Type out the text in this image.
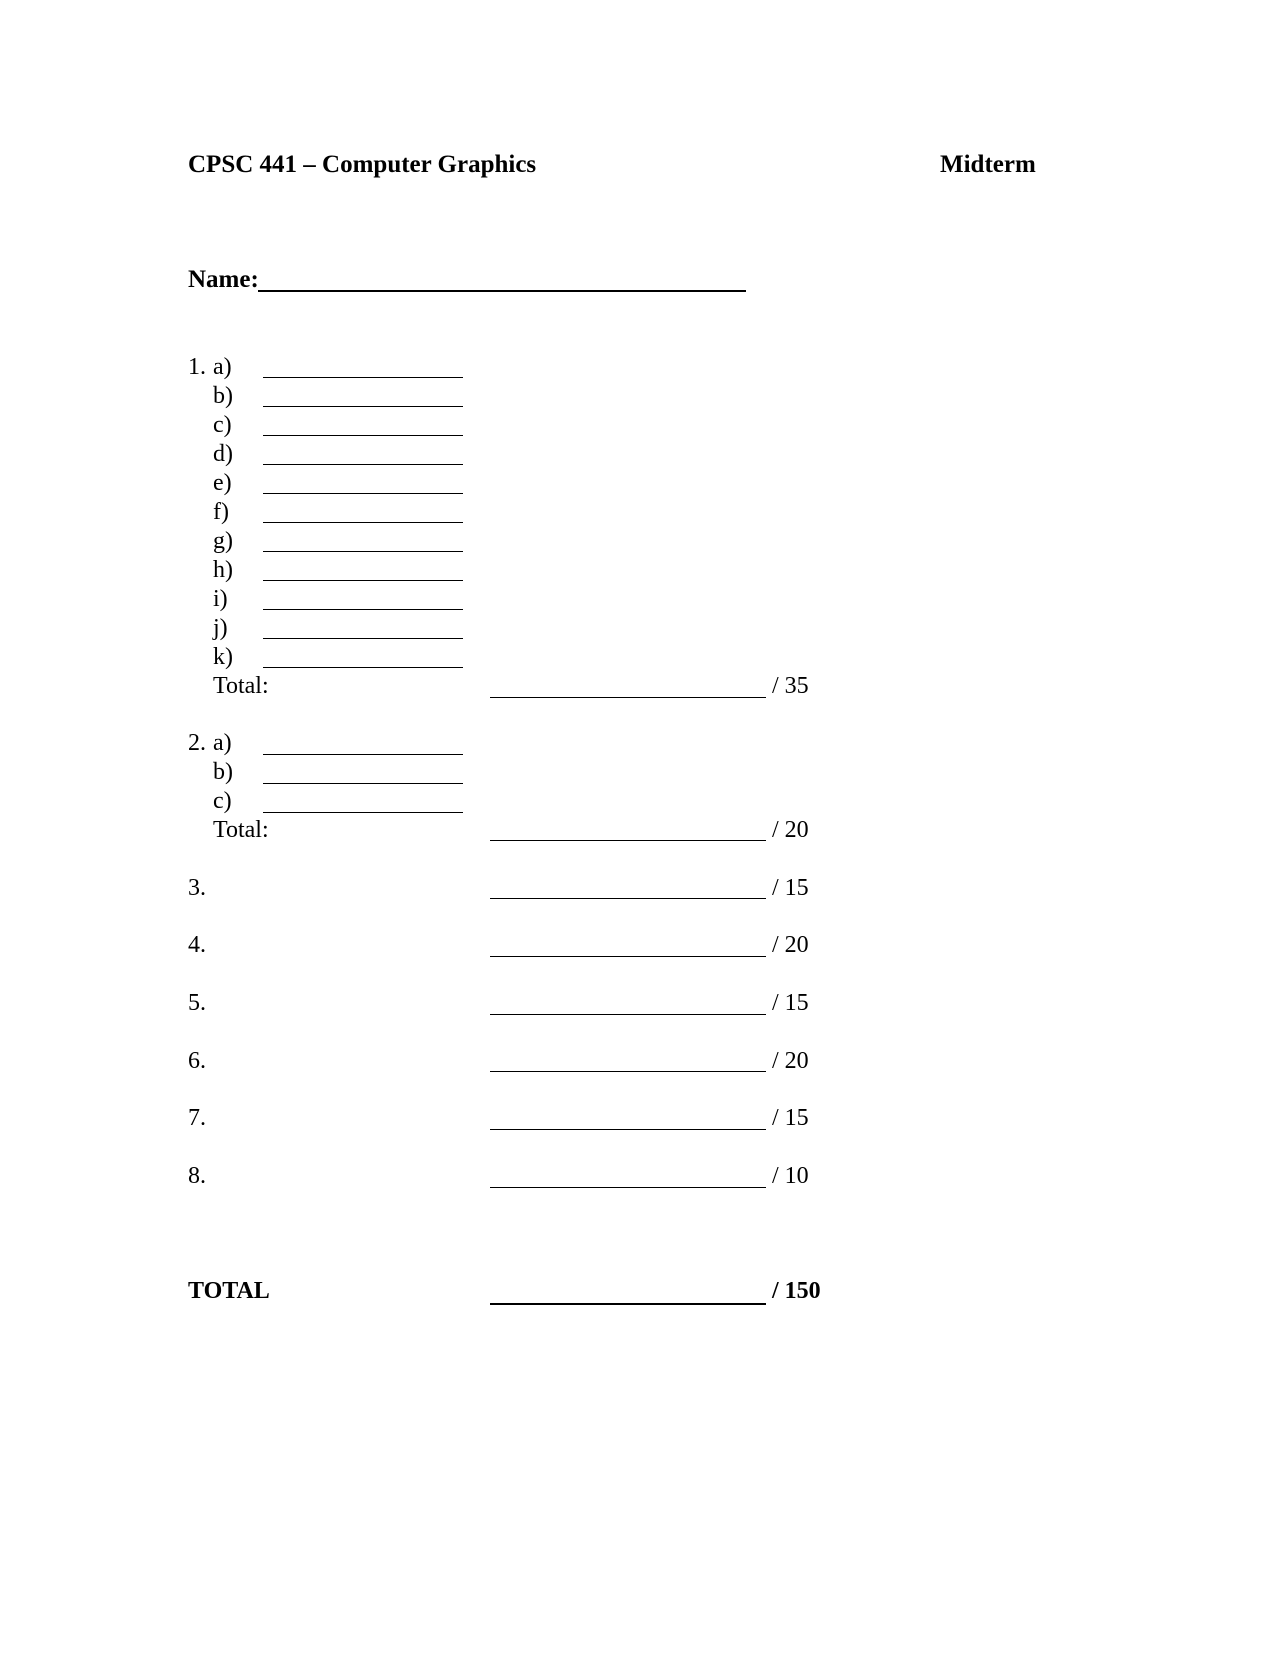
CPSC 441 – Computer Graphics	Midterm
Name:
1. a)
b)
c)
d)
e)
f)
g)
h)
i)
j)
k)
Total:	/ 35
2. a)
b)
c)
Total:	/ 20
3.	/ 15
4.	/ 20
5.	/ 15
6.	/ 20
7.	/ 15
8.	/ 10
TOTAL	/ 150
